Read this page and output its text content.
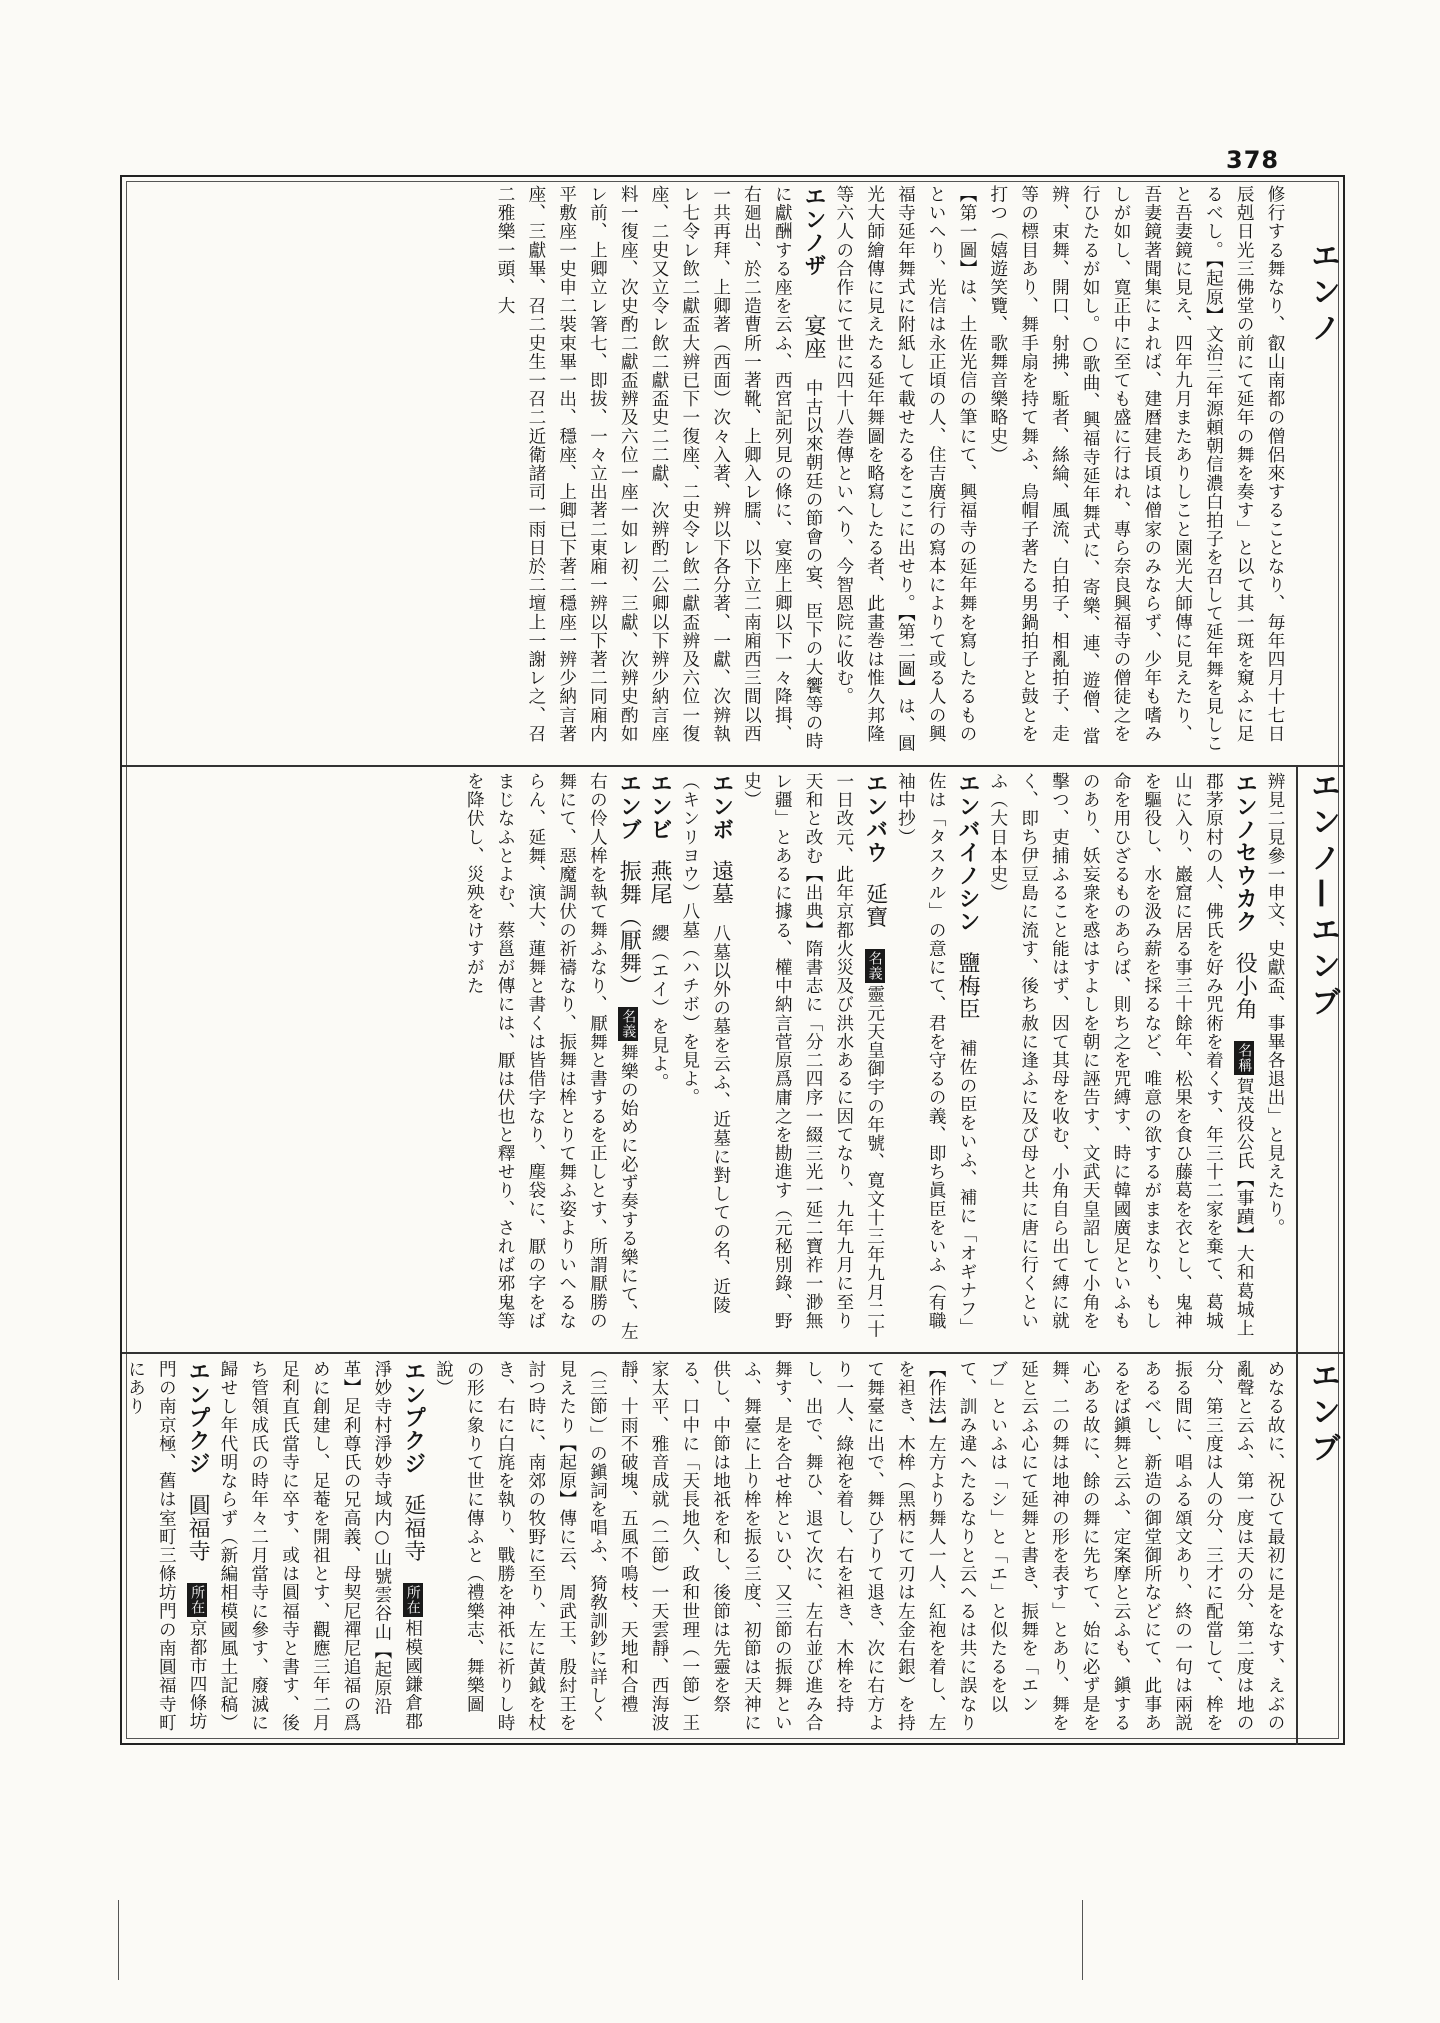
378
エンノ
エンノ—エンブ
エンブ
修行する舞なり、叡山南都の僧侶來することなり、毎年四月十七日辰剋日光三佛堂の前にて延年の舞を奏す」と以て其一斑を窺ふに足るべし。【起原】文治三年源頼朝信濃白拍子を召して延年舞を見しこと吾妻鏡に見え、四年九月またありしこと園光大師傳に見えたり、吾妻鏡著聞集によれば、建暦建長頃は僧家のみならず、少年も嗜みしが如し、寛正中に至ても盛に行はれ、專ら奈良興福寺の僧徒之を行ひたるが如し。○歌曲、興福寺延年舞式に、寄樂、連、遊僧、當辨、束舞、開口、射拂、駈者、絲綸、風流、白拍子、相亂拍子、走等の標目あり、舞手扇を持て舞ふ、烏帽子著たる男鍋拍子と鼓とを打つ（嬉遊笑覽、歌舞音樂略史）
【第一圖】は、土佐光信の筆にて、興福寺の延年舞を寫したるものといへり、光信は永正頃の人、住吉廣行の寫本によりて或る人の興福寺延年舞式に附紙して載せたるをここに出せり。【第二圖】は、圓光大師繪傳に見えたる延年舞圖を略寫したる者、此畫巻は惟久邦隆等六人の合作にて世に四十八巻傳といへり、今智恩院に收む。
エンノザ　　宴座　中古以來朝廷の節會の宴、臣下の大饗等の時に獻酬する座を云ふ、西宮記列見の條に、宴座上卿以下一々降揖、右廻出、於二造曹所一著靴、上卿入レ臑、以下立二南廂西三間以西一共再拜、上卿著（西面）次々入著、辨以下各分著、一獻、次辨執レ七令レ飲二獻盃大辨已下一復座、二史令レ飲二獻盃辨及六位一復座、二史又立令レ飲二獻盃史二二獻、次辨酌二公卿以下辨少納言座料一復座、次史酌二獻盃辨及六位一座一如レ初、三獻、次辨史酌如レ前、上卿立レ箸七、即拔、一々立出著二東廂一辨以下著二同廂内平敷座一史申二裝束畢一出、穩座、上卿已下著二穩座一辨少納言著座、三獻畢、召二史生一召二近衛諸司一雨日於二壇上一謝レ之、召二雅樂一頭、大
辨見二見參一申文、史獻盃、事畢各退出」と見えたり。
エンノセウカク　役小角　名稱賀茂役公氏【事蹟】大和葛城上郡茅原村の人、佛氏を好み咒術を着くす、年三十二家を棄て、葛城山に入り、巖窟に居る事三十餘年、松果を食ひ藤葛を衣とし、鬼神を驅役し、水を汲み薪を採るなど、唯意の欲するがままなり、もし命を用ひざるものあらば、則ち之を咒縛す、時に韓國廣足といふものあり、妖妄衆を惑はすよしを朝に誣告す、文武天皇詔して小角を擊つ、吏捕ふること能はず、因て其母を收む、小角自ら出て縛に就く、即ち伊豆島に流す、後ち赦に逢ふに及び母と共に唐に行くといふ（大日本史）
エンバイノシン　鹽梅臣　補佐の臣をいふ、補に「オギナフ」佐は「タスクル」の意にて、君を守るの義、即ち眞臣をいふ（有職袖中抄）
エンバウ　延寶　名義靈元天皇御宇の年號、寛文十三年九月二十一日改元、此年京都火災及び洪水あるに因てなり、九年九月に至り天和と改む【出典】隋書志に「分二四序一綴三光一延二寶祚一渺無レ疆」とあるに據る、權中納言菅原爲庸之を勘進す（元秘別錄、野史）
エンボ　遠墓　八墓以外の墓を云ふ、近墓に對しての名、近陵（キンリヨウ）八墓（ハチボ）を見よ。
エンビ　燕尾　纓（エイ）を見よ。
エンブ　振舞（厭舞）　名義舞樂の始めに必ず奏する樂にて、左右の伶人桙を執て舞ふなり、厭舞と書するを正しとす、所謂厭勝の舞にて、惡魔調伏の祈禱なり、振舞は桙とりて舞ふ姿よりいへるならん、延舞、演大、蓮舞と書くは皆借字なり、塵袋に、厭の字をばまじなふとよむ、蔡邕が傳には、厭は伏也と釋せり、されば邪鬼等を降伏し、災殃をけすがた
めなる故に、祝ひて最初に是をなす、えぶの亂聲と云ふ、第一度は天の分、第二度は地の分、第三度は人の分、三才に配當して、桙を振る間に、唱ふる頌文あり、終の一句は兩説あるべし、新造の御堂御所などにて、此事あるをば鎭舞と云ふ、定案摩と云ふも、鎭する心ある故に、餘の舞に先ちて、始に必ず是を舞、二の舞は地神の形を表す」とあり、舞を延と云ふ心にて延舞と書き、振舞を「エンブ」といふは「シ」と「エ」と似たるを以て、訓み違へたるなりと云へるは共に誤なり【作法】左方より舞人一人、紅袍を着し、左を袒き、木桙（黑柄にて刃は左金右銀）を持て舞臺に出で、舞ひ了りて退き、次に右方より一人、綠袍を着し、右を袒き、木桙を持し、出で、舞ひ、退て次に、左右並び進み合舞す、是を合せ桙といひ、又三節の振舞といふ、舞臺に上り桙を振る三度、初節は天神に供し、中節は地祇を和し、後節は先靈を祭る、口中に「天長地久、政和世理（一節）王家太平、雅音成就（二節）一天雲靜、西海波靜、十雨不破塊、五風不鳴枝、天地和合禮（三節）」の鎭詞を唱ふ、猗敎訓鈔に詳しく見えたり【起原】傳に云、周武王、殷紂王を討つ時に、南郊の牧野に至り、左に黃鉞を杖き、右に白旄を執り、戰勝を神祇に祈りし時の形に象りて世に傳ふと（禮樂志、舞樂圖說）
エンプクジ　延福寺　所在相模國鎌倉郡淨妙寺村淨妙寺域内○山號雲谷山【起原沿革】足利尊氏の兄高義、母契尼禪尼追福の爲めに創建し、足菴を開祖とす、觀應三年二月足利直氏當寺に卒す、或は圓福寺と書す、後ち管領成氏の時年々二月當寺に參す、廢滅に歸せし年代明ならず（新編相模國風土記稿）
エンプクジ　圓福寺　所在京都市四條坊門の南京極、舊は室町三條坊門の南圓福寺町にあり
